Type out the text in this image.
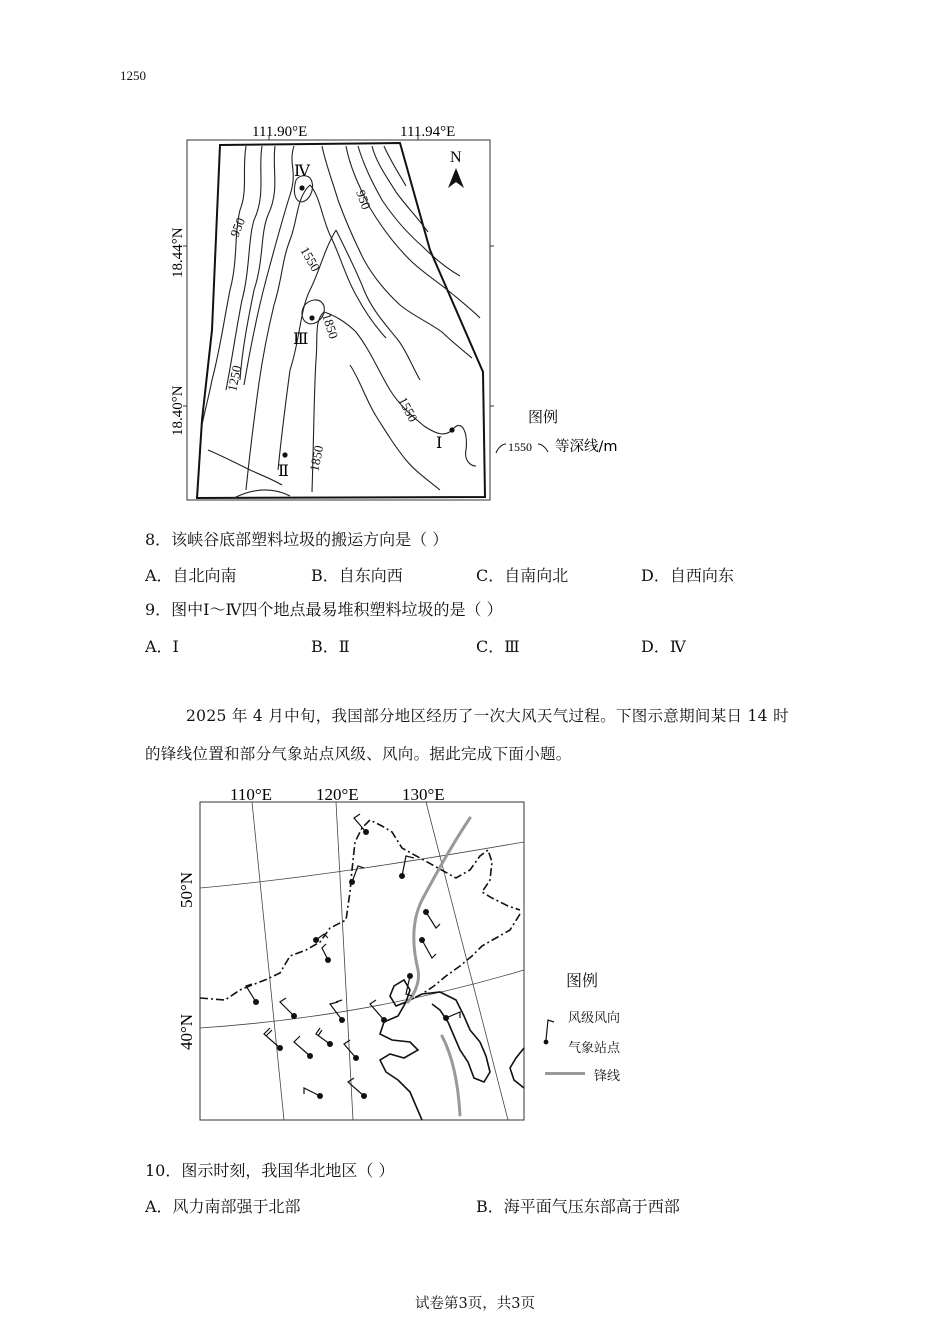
111.90°E	111.94°E
18.44°N
18.40°N
950
950
1250
1250
1550
1550
1850
1850
Ⅳ
Ⅲ
Ⅱ
Ⅰ
N
图例
1550 等深线/m
8．该峡谷底部塑料垃圾的搬运方向是（ ）
A．自北向南	B．自东向西	C．自南向北	D．自西向东
9．图中Ⅰ～Ⅳ四个地点最易堆积塑料垃圾的是（ ）
A．Ⅰ	B．Ⅱ	C．Ⅲ	D．Ⅳ
2025 年 4 月中旬，我国部分地区经历了一次大风天气过程。下图示意期间某日 14 时
的锋线位置和部分气象站点风级、风向。据此完成下面小题。
110°E	120°E	130°E
50°N
40°N
图例
风级风向
气象站点
锋线
10．图示时刻，我国华北地区（ ）
A．风力南部强于北部	B．海平面气压东部高于西部
试卷第3页，共3页
